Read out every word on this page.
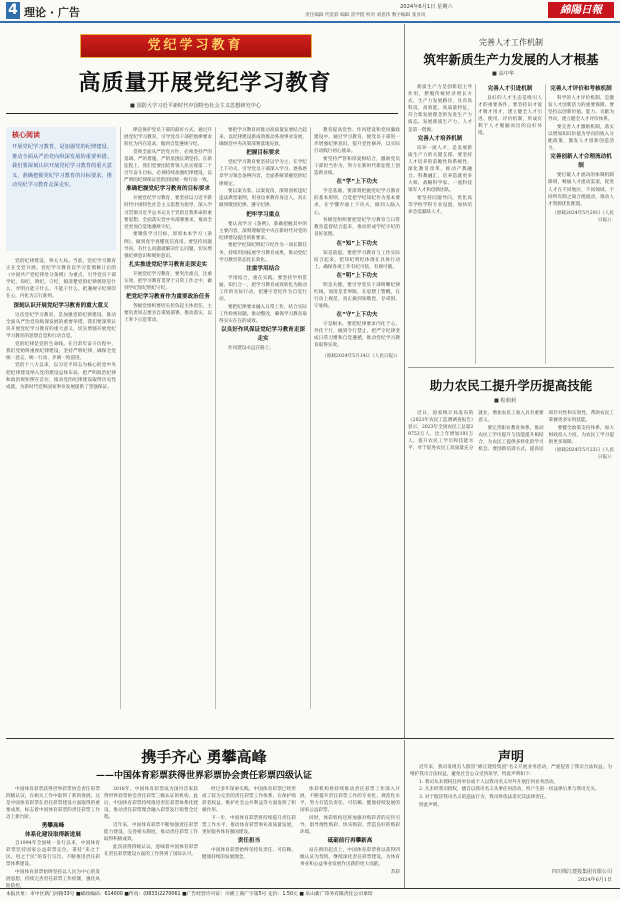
4 理论 · 广告	2024年6月1日 星期六
责任编辑 代觉彩 编辑 雷学挺 校对 刘思伟 数字编辑 张亚岚	綿陽日報
党纪学习教育
高质量开展党纪学习教育
■ 国防大学习近平新时代中国特色社会主义思想研究中心
核心阅读
开展党纪学习教育，是加强党的纪律建设、推动全面从严治党向纵深发展的重要举措。我们要深刻认识开展党纪学习教育的重大意义，准确把握党纪学习教育的目标要求，推动党纪学习教育走深走实。

党的纪律建设，事关大局。当前，党纪学习教育正在全党开展。党纪学习教育以学习贯彻修订后的《中国共产党纪律处分条例》为重点，引导党员干部学纪、知纪、明纪、守纪，搞清楚党的纪律规矩是什么，弄明白能干什么、不能干什么，把遵规守纪刻印在心，内化为言行准则。

深刻认识开展党纪学习教育的重大意义

这次党纪学习教育，是加强党的纪律建设、推动全面从严治党向纵深发展的重要举措。我们要深刻认识开展党纪学习教育的重大意义，切实增强开展党纪学习教育的思想自觉和行动自觉。

党的纪律是党的生命线。在百余年奋斗历程中，我们党始终重视纪律建设，坚持严明纪律，确保全党统一意志、统一行动、步调一致前进。

党的十八大以来，以习近平同志为核心的党中央把纪律建设纳入党的建设总体布局，把严明政治纪律和政治规矩摆在首位，推动党的纪律建设取得历史性成就，为新时代党和国家事业发展提供了坚强保证。

律是保护党员干部的最好方式。通过开展党纪学习教育，引导党员干部把他律要求转化为内在追求，做到自觉遵规守纪。

贯彻全面从严治党方针，必须坚持严的基调、严的措施、严的氛围长期坚持。在新征程上，我们党要团结带领人民实现第二个百年奋斗目标，必须持续加强纪律建设，以严明的纪律保证党的团结统一和行动一致。

准确把握党纪学习教育的目标要求

开展党纪学习教育，要坚持以习近平新时代中国特色社会主义思想为指导，深入学习贯彻习近平总书记关于党的自我革命的重要思想，全面落实党中央部署要求，推动全党更加自觉地遵规守纪。

要聚焦学习目标，原原本本学习《条例》，做到真学真懂真信真用。要坚持问题导向，有什么问题就解决什么问题，切实增强纪律意识和规矩意识。

扎实推进党纪学习教育走深走实

开展党纪学习教育，要突出重点，注重实效，把学习教育贯穿于日常工作之中，做到学纪知纪明纪守纪。

把党纪学习教育作为重要政治任务

各级党组织要切实担负起主体责任，主要负责同志要亲自谋划部署、推动落实，以上率下示范带动。

要把学习教育同推动高质量发展结合起来，以纪律建设新成效推动各项事业发展，确保党中央决策部署落地见效。

把握目标要求

党纪学习教育要坚持以学为主，在学纪上下功夫，引导党员干部深入学习、逐条逐章学习领会条例内容，全面系统掌握党的纪律规定。

要以案为鉴、以案促改，深刻剖析违纪违法典型案例，用身边事教育身边人，真正做到敬畏纪律、遵守纪律。

把牢学习重点

要认真学习《条例》，准确把握其中的主要内容，深刻理解党中央在新时代对党的纪律建设提出的新要求。

要把学纪知纪明纪守纪作为一项长期任务，持续巩固拓展学习教育成果，推动党纪学习教育常态化长效化。

注重学用结合

学用结合，重在实践。要坚持学用贯通、知行合一，把学习教育成效转化为推动工作的实际行动，把遵守党纪作为自觉行动。

要把纪律要求融入日常工作，结合实际工作检视问题、推动整改，确保学习教育取得实实在在的成效。

以良好作风保证党纪学习教育走深走实

作风建设永远在路上。

教育提高党性、作风建设和党风廉政建设中。通过学习教育，使党员干部进一步增强纪律意识，提升党性修养，以实际行动践行初心使命。

要坚持严管和厚爱相结合，激励党员干部担当作为，努力在新时代新征程上创造新业绩。

在“学”上下功夫

学是基础。要深刻把握党纪学习教育的基本原则，自觉把学纪知纪作为基本要求，在学懂弄通上下功夫，做到入脑入心。

各级党组织要把党纪学习教育与日常教育监督结合起来，推动形成学纪守纪的良好氛围。

在“知”上下功夫

知是前提。要把学习教育与工作实际结合起来，把知纪明纪体现在具体行动上，确保各项工作有纪可依、有规可循。

在“明”上下功夫

明是关键。要引导党员干部明晰纪律红线，划清是非界限，在思想上警醒、在行动上规范，真正做到知敬畏、存戒惧、守底线。

在“守”上下功夫

守是根本。要把纪律要求内化于心、外化于行，做到令行禁止，把严守纪律变成日常习惯和自觉遵循，推动党纪学习教育取得实效。

（原载2024年5月14日《人民日报》）

完善人才工作机制
筑牢新质生产力发展的人才根基
■ 高中华

新质生产力是创新起主导作用，摆脱传统经济增长方式、生产力发展路径，具有高科技、高效能、高质量特征，符合新发展理念的先进生产力质态。发展新质生产力，人才是第一资源。

完善人才培养机制

培养一流人才，是发展新质生产力的关键支撑。要坚持人才培养的前瞻性和系统性，深化教育改革，推动产教融合、科教融汇，培养造就更多大师、战略科学家、一流科技领军人才和创新团队。

要坚持问题导向，优化高等学校学科专业设置，加快培养急需紧缺人才。

完善人才引进机制

良好的人才生态是吸引人才的重要条件。要坚持识才爱才敬才用才，建立健全人才引进、使用、评价机制，形成有利于人才脱颖而出的良好环境。

完善人才评价和考核机制

科学的人才评价机制，是激发人才创新活力的重要保障。要坚持以创新价值、能力、贡献为导向，建立健全人才评价体系。

要完善人才激励机制，落实以增加知识价值为导向的收入分配政策，激发人才创新创造活力。

完善创新人才合理流动机制

要打破人才流动的体制机制障碍，畅通人才流动渠道，促进人才在不同地区、不同领域、不同所有制之间合理流动，推动人才资源优化配置。

（原载2024年5月29日《人民日报》）

助力农民工提升学历提高技能
■ 程莉莉

近日，国家统计局发布的《2023年农民工监测调查报告》显示，2023年全国农民工总量29753万人，比上年增加191万人。提升农民工学历和技能水平，对于促进农民工高质量充分就业、增加农民工收入具有重要意义。

要完善职业教育体系，推动农民工学历提升与技能提升相结合，为农民工提供多样化的学习机会。要创新培训方式，提高培训针对性和实效性，帮助农民工掌握更多实用技能。

要健全政策支持体系，加大财政投入力度，为农民工学习提供更多保障。

（原载2024年5月23日《人民日报》）

携手齐心 勇攀高峰
——中国体育彩票获得世界彩票协会责任彩票四级认证

中国体育彩票获得世界彩票协会责任彩票四级认证，在相关工作中取得了新的进展。这是中国体育彩票在责任彩票建设方面取得的重要成果，标志着中国体育彩票的责任彩票工作迈上新台阶。

勇攀高峰
体系化建设取得新进展

自1994年全国统一发行以来，中国体育彩票坚持国家公益彩票定位，秉持“来之于民、用之于民”的发行宗旨，不断推进责任彩票体系建设。

中国体育彩票始终坚持以人民为中心的发展思想，持续完善责任彩票工作机制，强化风险防控。

2018年，中国体育彩票成为国内首家获得世界彩票协会责任彩票三级认证的机构。此后，中国体育彩票持续推进责任彩票体系化建设，推动责任彩票理念融入彩票发行销售全过程。

近年来，中国体育彩票不断加强责任彩票能力建设，完善相关制度，推动责任彩票工作取得积极成效。

此次获得四级认证，意味着中国体育彩票在责任彩票建设方面的工作得到了国际认可。

经过多年探索实践，中国体育彩票已经形成了较为完善的责任彩票工作体系，在保护购彩者权益、维护社会公共利益等方面发挥了积极作用。

下一步，中国体育彩票将持续提升责任彩票工作水平，推动体育彩票事业高质量发展，更好服务体育强国建设。

责任担当

中国体育彩票始终坚持负责任、可信赖、健康持续的发展理念。

体彩机构将持续推动责任彩票工作深入开展，不断提升责任彩票工作的专业化、规范化水平，努力打造负责任、可信赖、健康持续发展的国家公益彩票。

同时，体彩机构还将加强对购彩者的宣传引导，倡导理性购彩、快乐购彩，营造良好的购彩环境。

砥砺前行再攀新高

站在新的起点上，中国体育彩票将以获得四级认证为契机，继续深化责任彩票建设，为体育事业和公益事业发展作出新的更大贡献。

苏彩

声明

近年来，我司发现有人假冒“绵江建投集团”名义开展业务活动，严重侵害了我司合法权益。为维护我司合法权益，避免社会公众受到误导，特此声明如下：

1. 我司从未授权任何单位或个人以我司名义对外开展任何业务活动。

2. 凡未经我司授权，擅自以我司名义从事任何活动，所产生的一切法律后果与我司无关。

3. 对于假冒我司名义的违法行为，我司将依法追究其法律责任。

特此声明。

四川绵江建投集团有限公司
2024年6月1日
本报社址：市中区新门河路33号 ■邮政编码：614000 ■传真：(0833)2270061 ■广告经营许可证：川绵工商广字第5号 定价：1.50元 ■ 乐山新广印务有限责任公司承印
